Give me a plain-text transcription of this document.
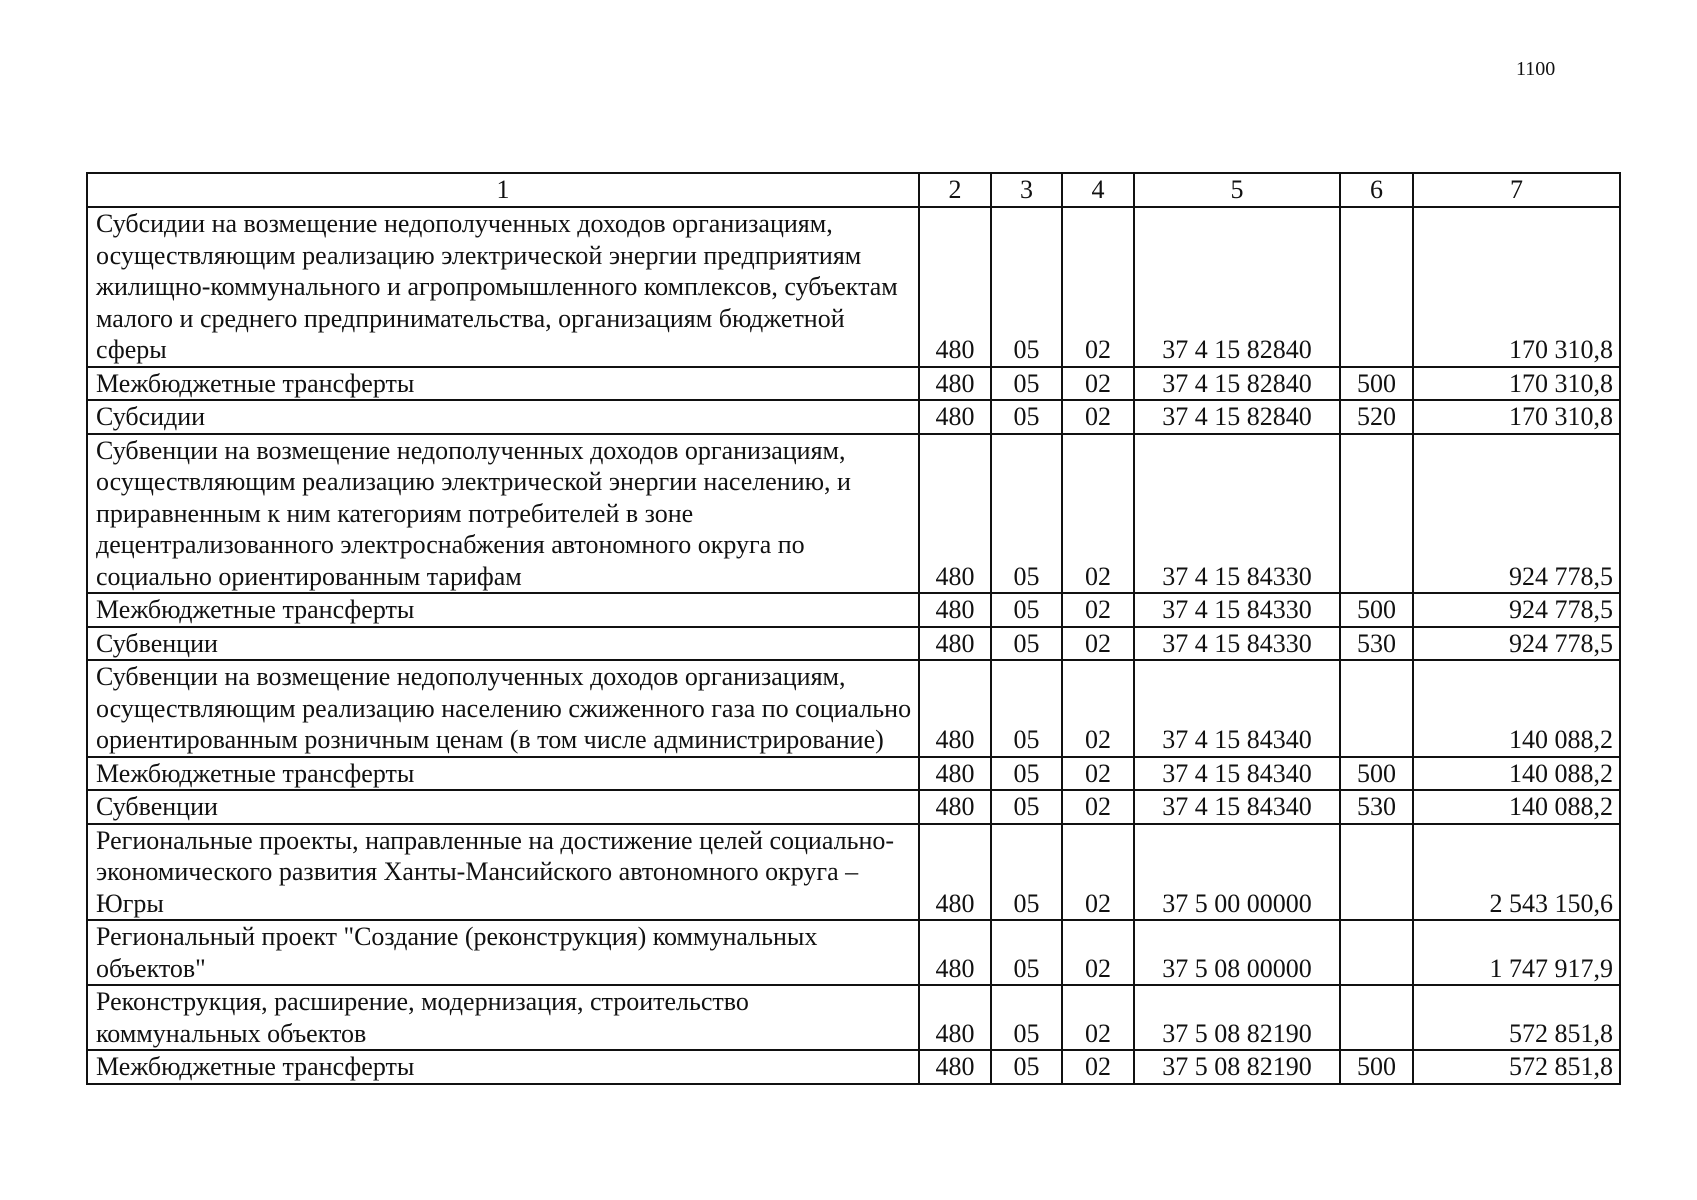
1100
1	2	3	4	5	6	7
Субсидии на возмещение недополученных доходов организациям, осуществляющим реализацию электрической энергии предприятиям жилищно-коммунального и агропромышленного комплексов, субъектам малого и среднего предпринимательства, организациям бюджетной сферы	480	05	02	37 4 15 82840		170 310,8
Межбюджетные трансферты	480	05	02	37 4 15 82840	500	170 310,8
Субсидии	480	05	02	37 4 15 82840	520	170 310,8
Субвенции на возмещение недополученных доходов организациям, осуществляющим реализацию электрической энергии населению, и приравненным к ним категориям потребителей в зоне децентрализованного электроснабжения автономного округа по социально ориентированным тарифам	480	05	02	37 4 15 84330		924 778,5
Межбюджетные трансферты	480	05	02	37 4 15 84330	500	924 778,5
Субвенции	480	05	02	37 4 15 84330	530	924 778,5
Субвенции на возмещение недополученных доходов организациям, осуществляющим реализацию населению сжиженного газа по социально ориентированным розничным ценам (в том числе администрирование)	480	05	02	37 4 15 84340		140 088,2
Межбюджетные трансферты	480	05	02	37 4 15 84340	500	140 088,2
Субвенции	480	05	02	37 4 15 84340	530	140 088,2
Региональные проекты, направленные на достижение целей социально-экономического развития Ханты-Мансийского автономного округа – Югры	480	05	02	37 5 00 00000		2 543 150,6
Региональный проект "Создание (реконструкция) коммунальных объектов"	480	05	02	37 5 08 00000		1 747 917,9
Реконструкция, расширение, модернизация, строительство коммунальных объектов	480	05	02	37 5 08 82190		572 851,8
Межбюджетные трансферты	480	05	02	37 5 08 82190	500	572 851,8
